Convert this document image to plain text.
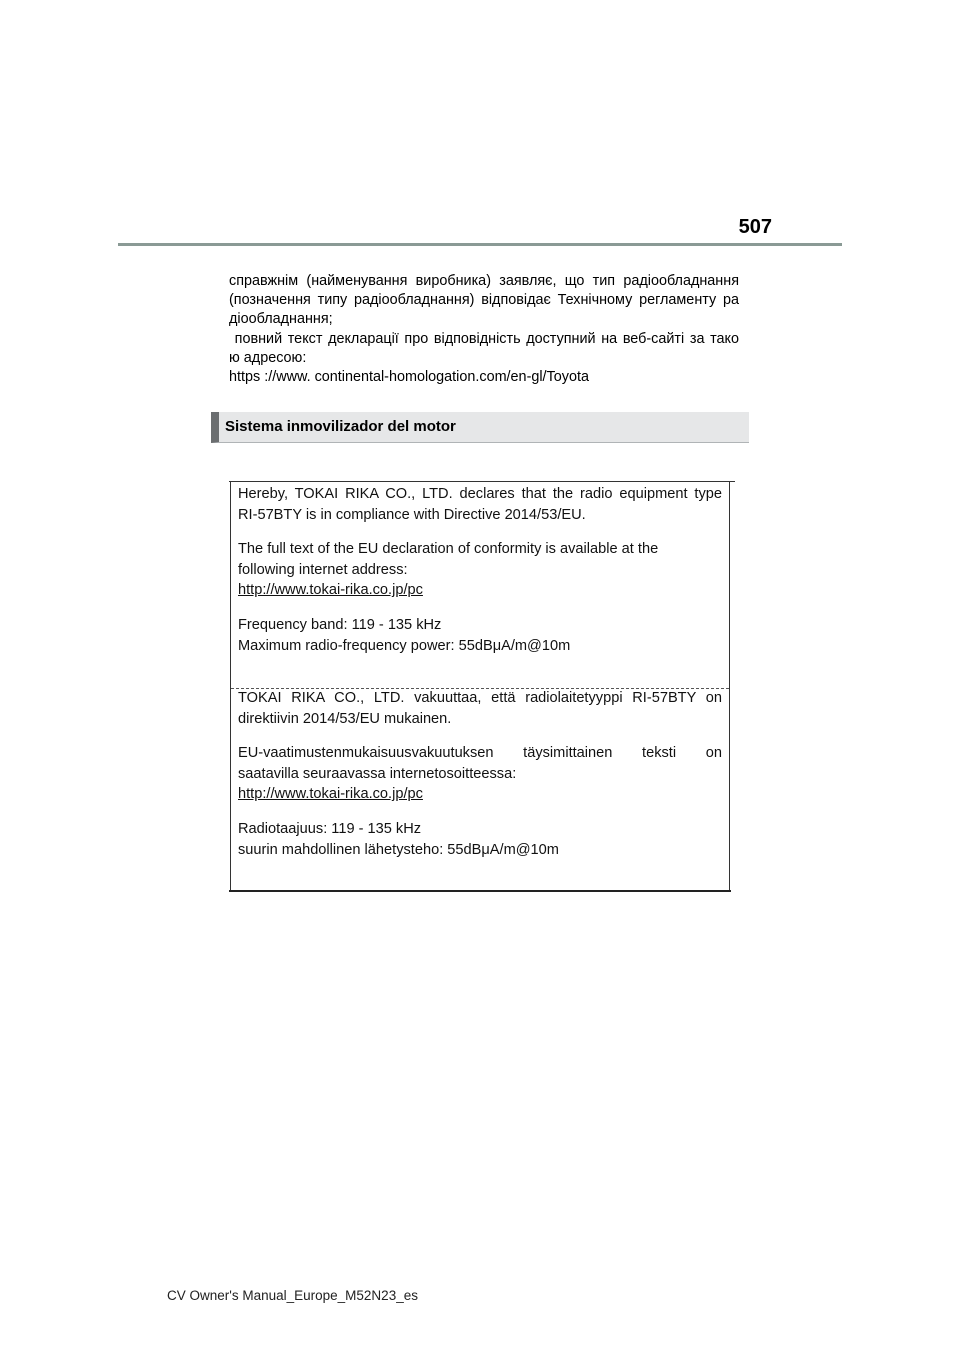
507

справжнім (найменування виробника) заявляє, що тип радіообладнання

(позначення типу радіообладнання) відповідає Технічному регламенту ра

діообладнання;

повний текст декларації про відповідність доступний на веб-сайті за тако

ю адресою:

https ://www. continental-homologation.com/en-gl/Toyota

Sistema inmovilizador del motor

Hereby, TOKAI RIKA CO., LTD. declares that the radio equipment type
RI-57BTY is in compliance with Directive 2014/53/EU.

The full text of the EU declaration of conformity is available at the
following internet address:
http://www.tokai-rika.co.jp/pc

Frequency band: 119 - 135 kHz
Maximum radio-frequency power: 55dBμA/m@10m

TOKAI RIKA CO., LTD. vakuuttaa, että radiolaitetyyppi RI-57BTY on
direktiivin 2014/53/EU mukainen.

EU-vaatimustenmukaisuusvakuutuksen täysimittainen teksti on
saatavilla seuraavassa internetosoitteessa:
http://www.tokai-rika.co.jp/pc

Radiotaajuus: 119 - 135 kHz
suurin mahdollinen lähetysteho: 55dBμA/m@10m

CV Owner's Manual_Europe_M52N23_es
